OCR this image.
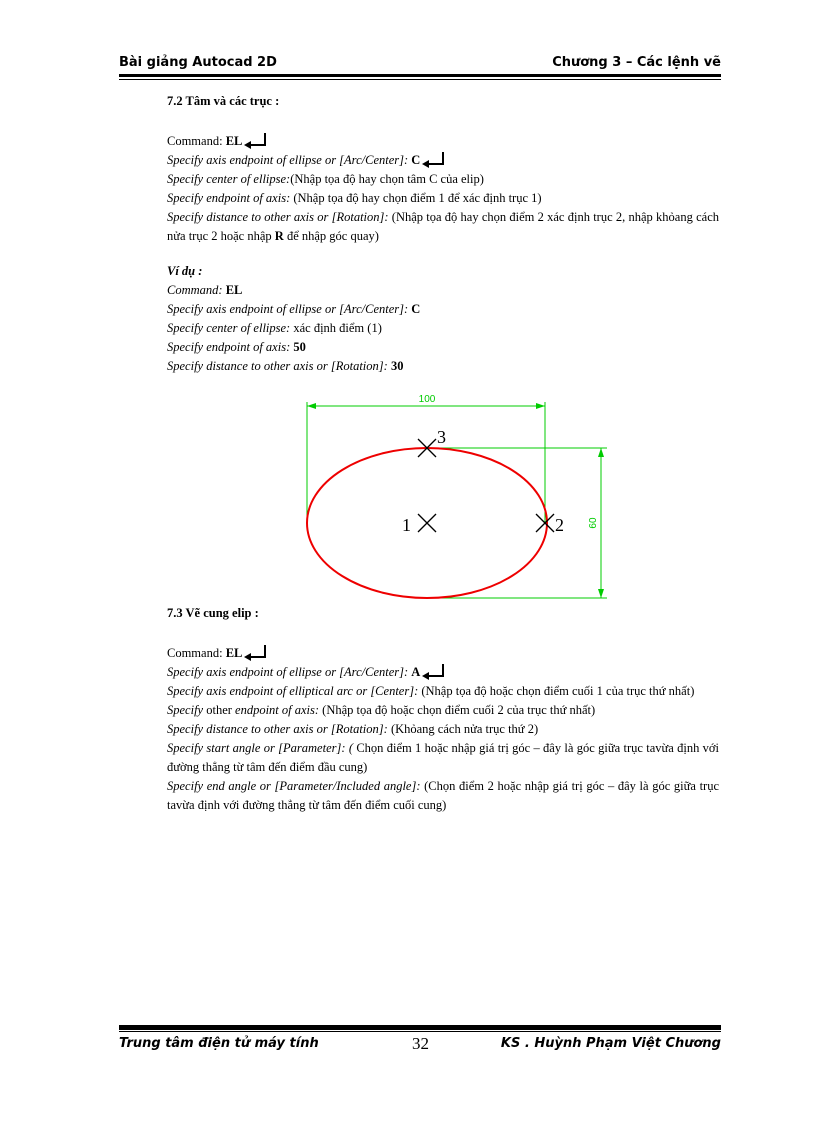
Bài giảng Autocad 2D	Chương 3 – Các lệnh vẽ
7.2 Tâm và các trục :
Command: EL
Specify axis endpoint of ellipse or [Arc/Center]: C
Specify center of ellipse:(Nhập tọa độ hay chọn tâm C của elip)
Specify endpoint of axis: (Nhập tọa độ hay chọn điểm 1 để xác định trục 1)
Specify distance to other axis or [Rotation]: (Nhập tọa độ hay chọn điểm 2 xác định trục 2, nhập khỏang cách nửa trục 2 hoặc nhập R để nhập góc quay)
Ví dụ :
Command: EL
Specify axis endpoint of ellipse or [Arc/Center]: C
Specify center of ellipse: xác định điểm (1)
Specify endpoint of axis: 50
Specify distance to other axis or [Rotation]: 30
100
60
1	2
3
7.3 Vẽ cung elip :
Command: EL
Specify axis endpoint of ellipse or [Arc/Center]: A
Specify axis endpoint of elliptical arc or [Center]: (Nhập tọa độ hoặc chọn điểm cuối 1 của trục thứ nhất)
Specify other endpoint of axis: (Nhập tọa độ hoặc chọn điểm cuối 2 của trục thứ nhất)
Specify distance to other axis or [Rotation]: (Khỏang cách nửa trục thứ 2)
Specify start angle or [Parameter]: ( Chọn điểm 1 hoặc nhập giá trị góc – đây là góc giữa trục tavừa định với đường thẳng từ tâm đến điểm đầu cung)
Specify end angle or [Parameter/Included angle]: (Chọn điểm 2 hoặc nhập giá trị góc – đây là góc giữa trục tavừa định với đường thẳng từ tâm đến điểm cuối cung)
Trung tâm điện tử máy tính	32	KS . Huỳnh Phạm Việt Chương
